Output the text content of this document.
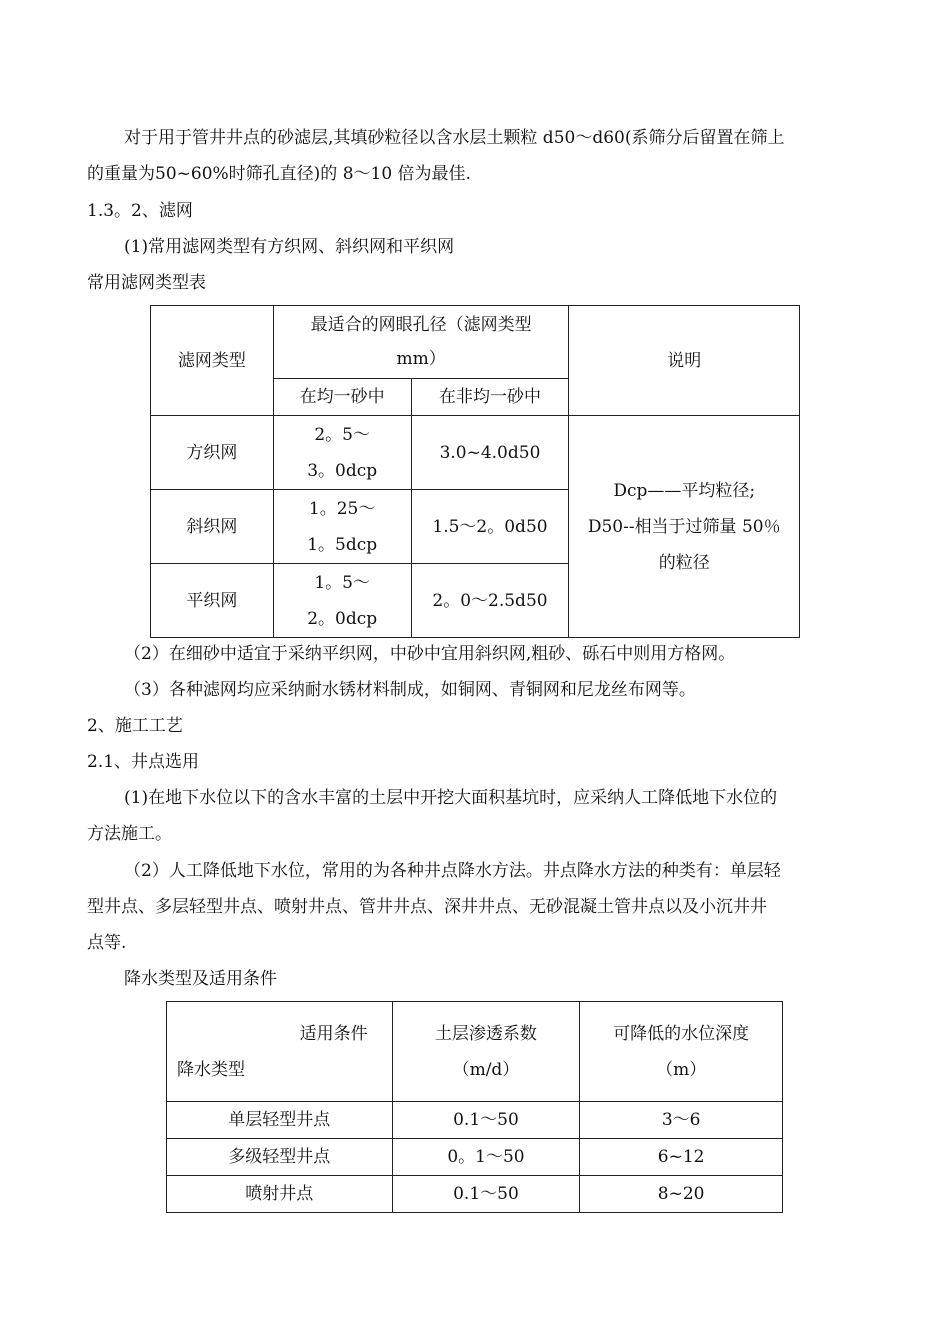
对于用于管井井点的砂滤层,其填砂粒径以含水层土颗粒 d50～d60(系筛分后留置在筛上
的重量为50~60%时筛孔直径)的 8～10 倍为最佳.
1.3。2、滤网
(1)常用滤网类型有方织网、斜织网和平织网
常用滤网类型表
滤网类型	最适合的网眼孔径（滤网类型
mm）		说明
	在均一砂中	在非均一砂中	
方织网	2。5～
3。0dcp	3.0~4.0d50	Dcp——平均粒径;
D50--相当于过筛量 50％
的粒径

斜织网	1。25～
1。5dcp	1.5～2。0d50	
平织网	1。5～
2。0dcp	2。0～2.5d50	
（2）在细砂中适宜于采纳平织网，中砂中宜用斜织网,粗砂、砾石中则用方格网。
（3）各种滤网均应采纳耐水锈材料制成，如铜网、青铜网和尼龙丝布网等。
2、施工工艺
2.1、井点选用
(1)在地下水位以下的含水丰富的土层中开挖大面积基坑时，应采纳人工降低地下水位的
方法施工。
（2）人工降低地下水位，常用的为各种井点降水方法。井点降水方法的种类有：单层轻
型井点、多层轻型井点、喷射井点、管井井点、深井井点、无砂混凝土管井点以及小沉井井
点等.
降水类型及适用条件
适用条件
降水类型	土层渗透系数
（m/d）	可降低的水位深度
（m）

单层轻型井点	0.1～50	3～6
多级轻型井点	0。1～50	6~12
喷射井点	0.1～50	8~20
